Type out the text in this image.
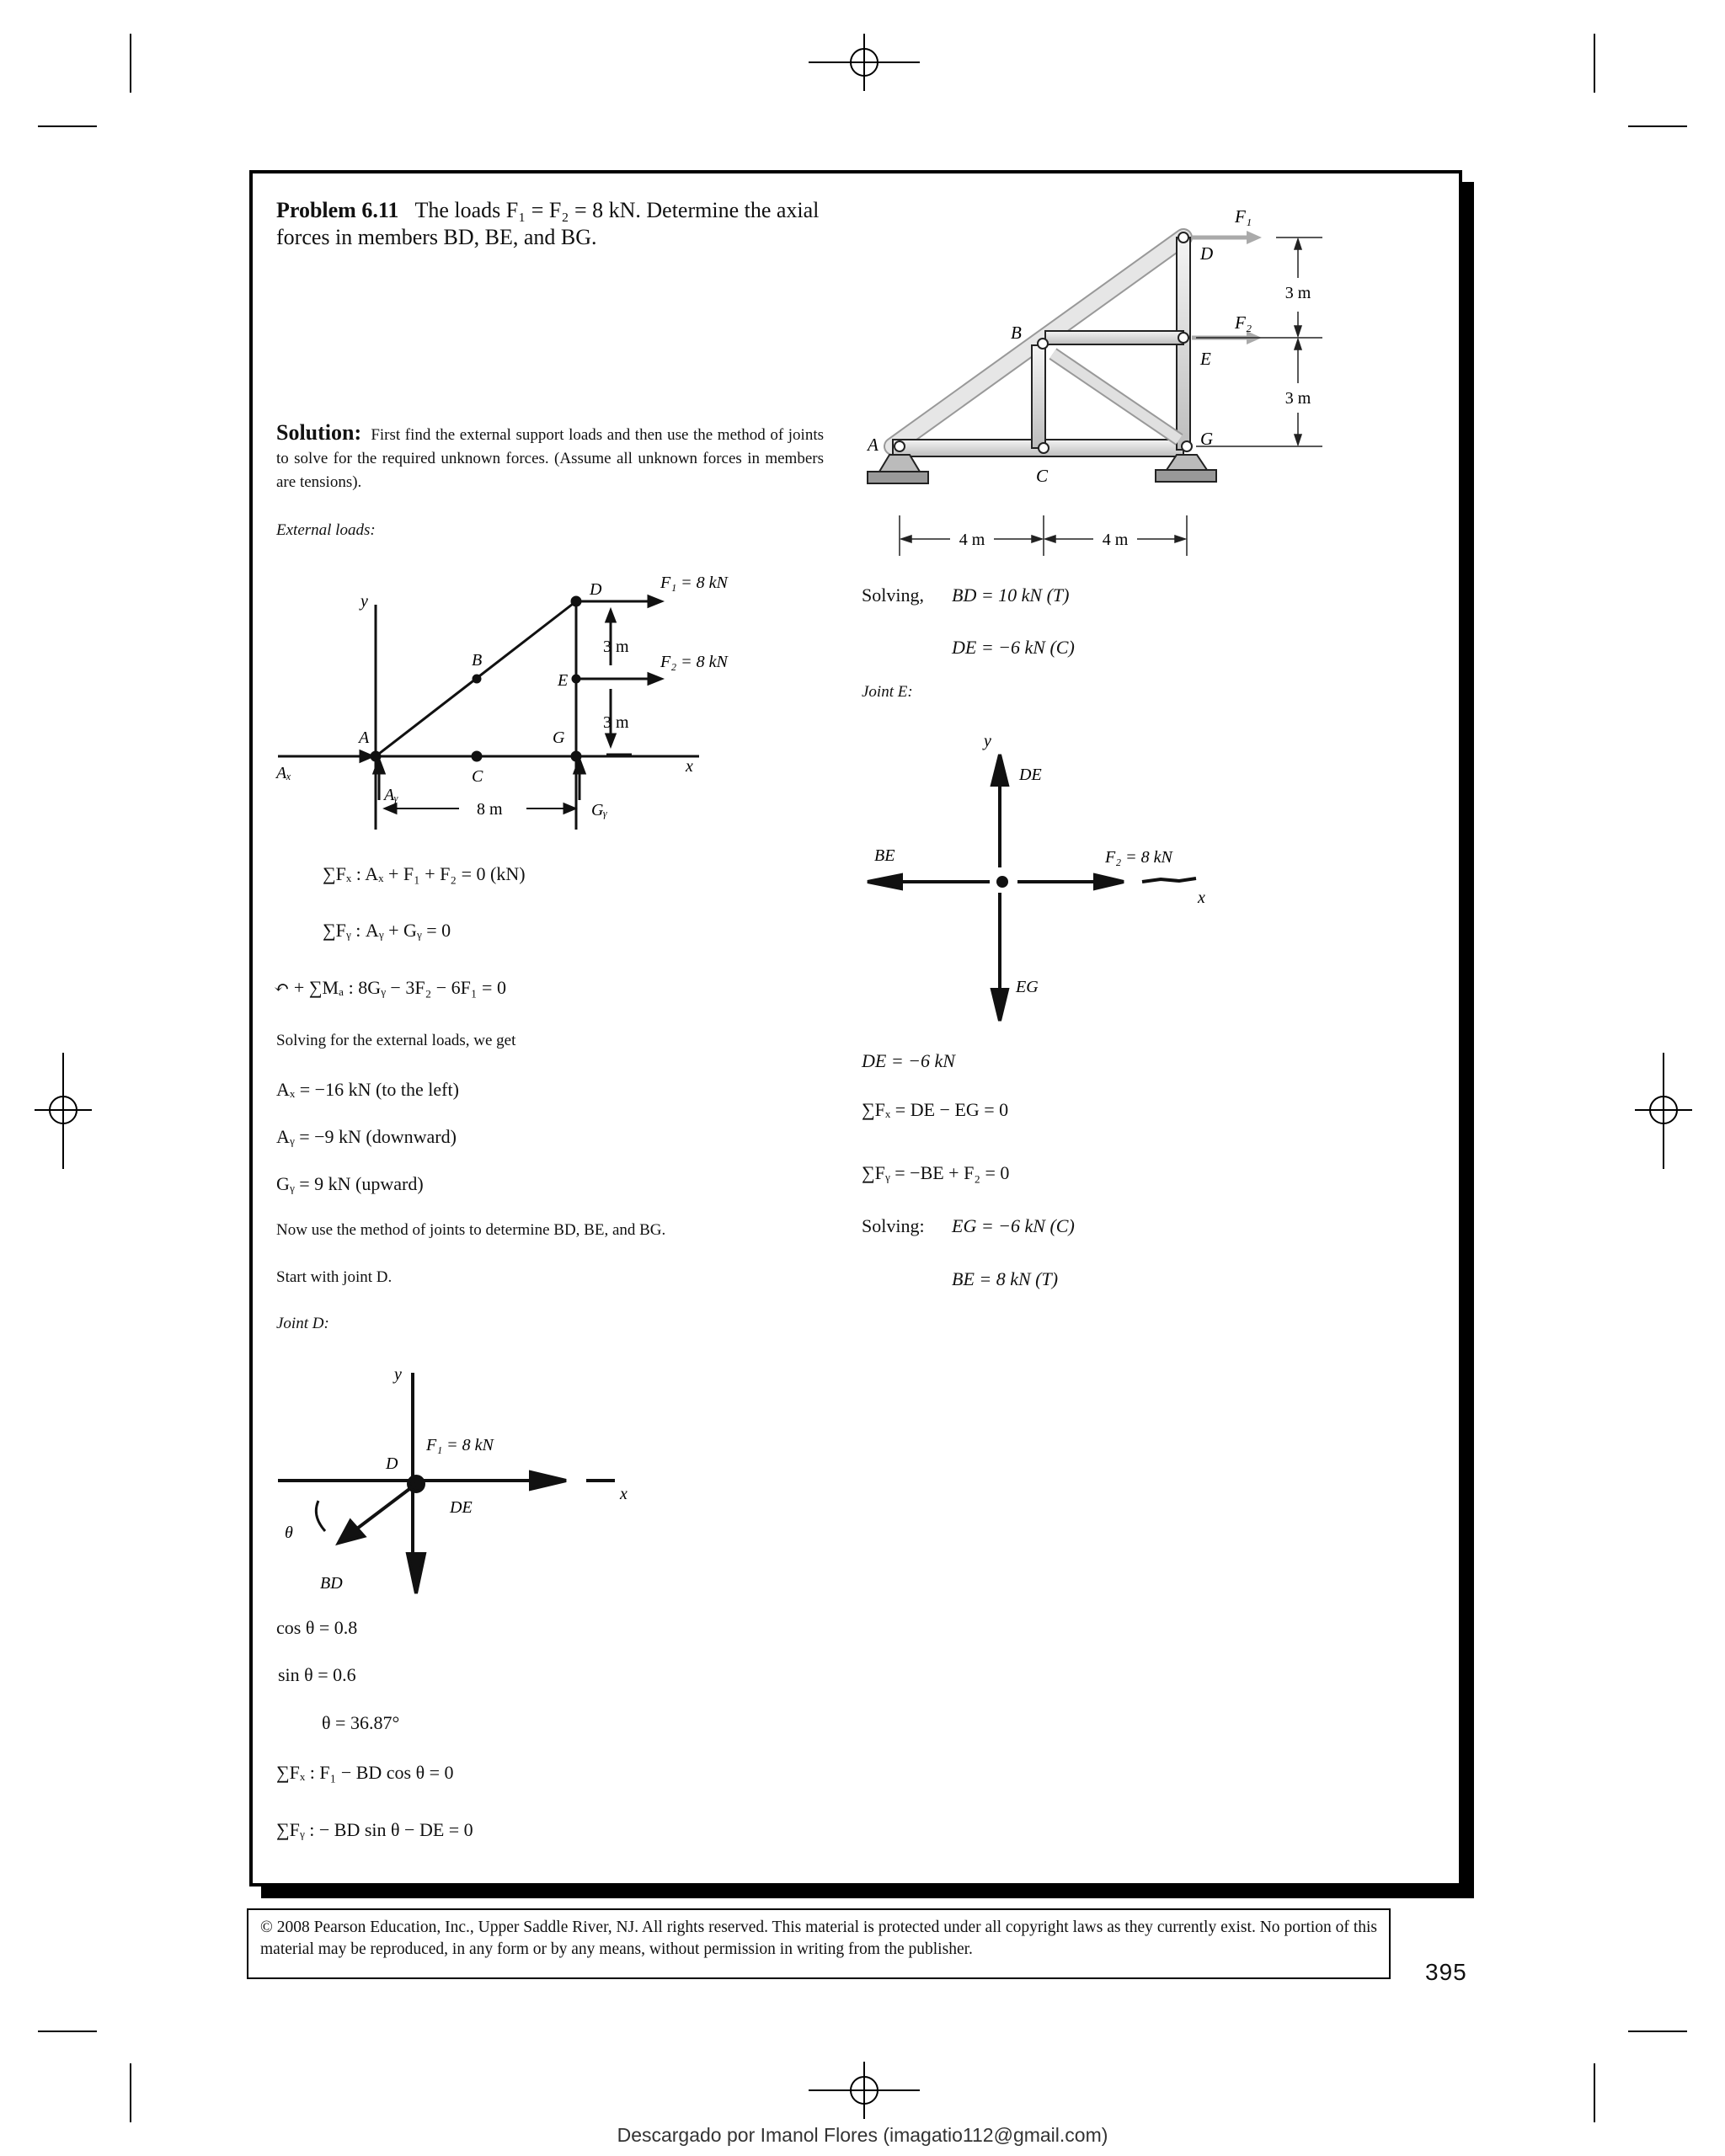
Problem 6.11 The loads F₁ = F₂ = 8 kN. Determine the axial forces in members BD, BE, and BG.
Solution: First find the external support loads and then use the method of joints to solve for the required unknown forces. (Assume all unknown forces in members are tensions).
External loads:
F₁
F₂
D
E
B
A
C
G
3 m
3 m
4 m	4 m
y
x
D
B
E
A	G
C
Aₓ
Aᵧ
Gᵧ
F₁ = 8 kN
F₂ = 8 kN
3 m
3 m
8 m
∑Fₓ : Aₓ + F₁ + F₂ = 0 (kN)
∑Fᵧ : Aᵧ + Gᵧ = 0
↶ + ∑Mₐ : 8Gᵧ − 3F₂ − 6F₁ = 0
Solving for the external loads, we get
Aₓ = −16 kN (to the left)
Aᵧ = −9 kN (downward)
Gᵧ = 9 kN (upward)
Now use the method of joints to determine BD, BE, and BG.
Start with joint D.
Joint D:
y
x
D
F₁ = 8 kN
DE
BD
θ
cos θ = 0.8
sin θ = 0.6
θ = 36.87°
∑Fₓ : F₁ − BD cos θ = 0
∑Fᵧ : − BD sin θ − DE = 0
Solving, BD = 10 kN (T)
DE = −6 kN (C)
Joint E:
y
x
DE
BE
EG
F₂ = 8 kN
DE = −6 kN
∑Fₓ = DE − EG = 0
∑Fᵧ = −BE + F₂ = 0
Solving: EG = −6 kN (C)
BE = 8 kN (T)
© 2008 Pearson Education, Inc., Upper Saddle River, NJ. All rights reserved. This material is protected under all copyright laws as they currently exist. No portion of this material may be reproduced, in any form or by any means, without permission in writing from the publisher.
395
Descargado por Imanol Flores (imagatio112@gmail.com)
